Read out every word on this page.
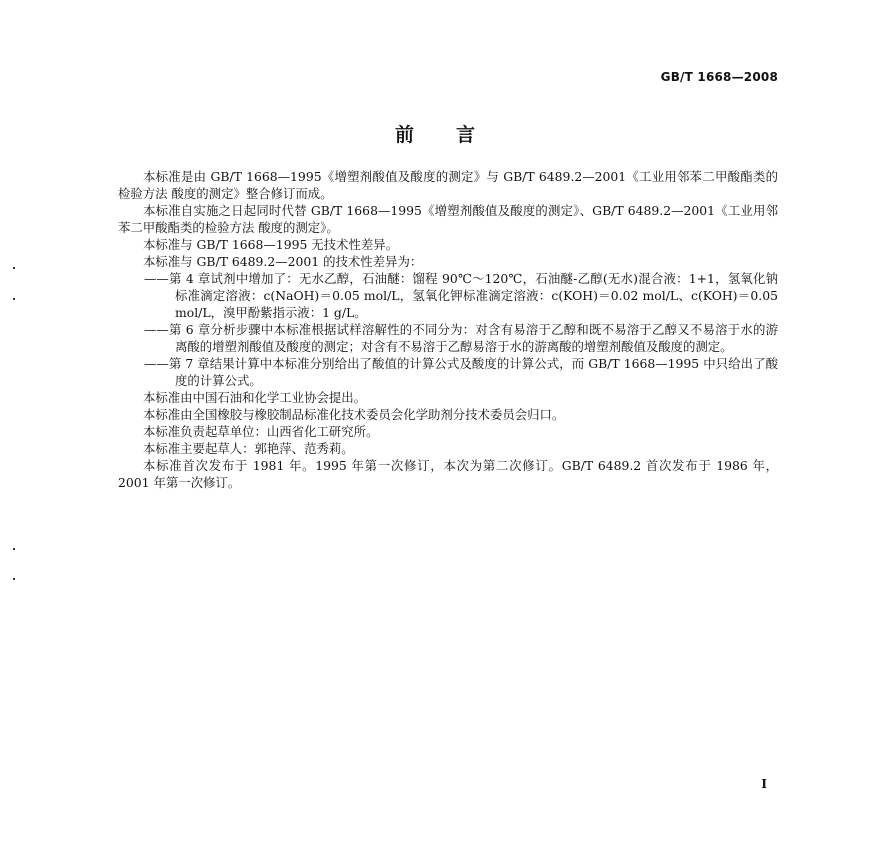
GB/T 1668—2008
前言

本标准是由 GB/T 1668—1995《增塑剂酸值及酸度的测定》与 GB/T 6489.2—2001《工业用邻苯二甲酸酯类的检验方法 酸度的测定》整合修订而成。

本标准自实施之日起同时代替 GB/T 1668—1995《增塑剂酸值及酸度的测定》、GB/T 6489.2—2001《工业用邻苯二甲酸酯类的检验方法 酸度的测定》。

本标准与 GB/T 1668—1995 无技术性差异。

本标准与 GB/T 6489.2—2001 的技术性差异为：

——第 4 章试剂中增加了：无水乙醇，石油醚：馏程 90℃～120℃，石油醚-乙醇(无水)混合液：1+1，氢氧化钠标准滴定溶液：c(NaOH)＝0.05 mol/L，氢氧化钾标准滴定溶液：c(KOH)＝0.02 mol/L、c(KOH)＝0.05 mol/L，溴甲酚紫指示液：1 g/L。

——第 6 章分析步骤中本标准根据试样溶解性的不同分为：对含有易溶于乙醇和既不易溶于乙醇又不易溶于水的游离酸的增塑剂酸值及酸度的测定；对含有不易溶于乙醇易溶于水的游离酸的增塑剂酸值及酸度的测定。

——第 7 章结果计算中本标准分别给出了酸值的计算公式及酸度的计算公式，而 GB/T 1668—1995 中只给出了酸度的计算公式。

本标准由中国石油和化学工业协会提出。

本标准由全国橡胶与橡胶制品标准化技术委员会化学助剂分技术委员会归口。

本标准负责起草单位：山西省化工研究所。

本标准主要起草人：郭艳萍、范秀莉。

本标准首次发布于 1981 年。1995 年第一次修订，本次为第二次修订。GB/T 6489.2 首次发布于 1986 年，2001 年第一次修订。

I
